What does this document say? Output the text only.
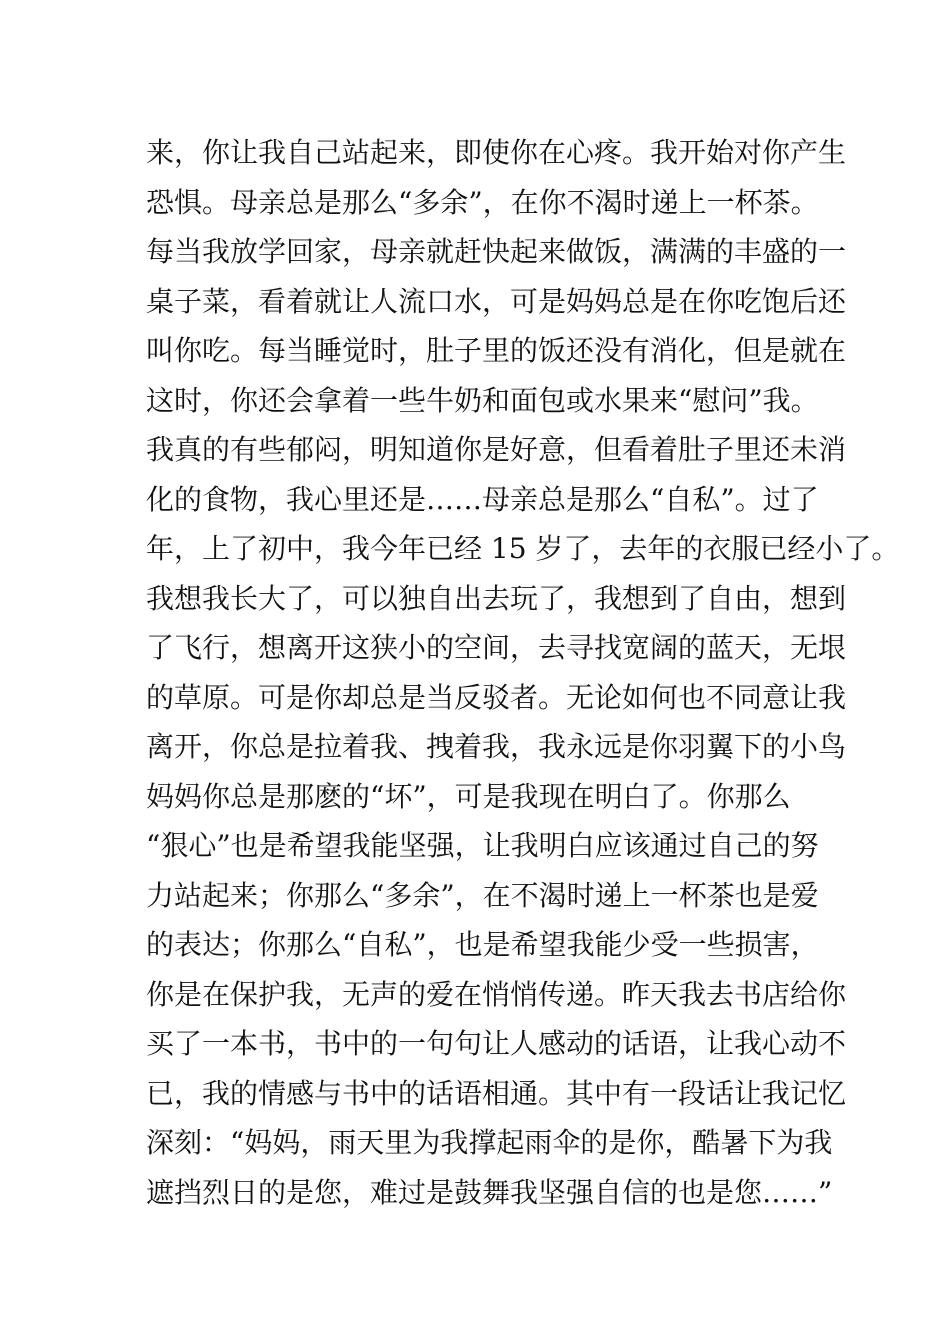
来，你让我自己站起来，即使你在心疼。我开始对你产生
恐惧。母亲总是那么“多余”，在你不渴时递上一杯茶。
每当我放学回家，母亲就赶快起来做饭，满满的丰盛的一
桌子菜，看着就让人流口水，可是妈妈总是在你吃饱后还
叫你吃。每当睡觉时，肚子里的饭还没有消化，但是就在
这时，你还会拿着一些牛奶和面包或水果来“慰问”我。
我真的有些郁闷，明知道你是好意，但看着肚子里还未消
化的食物，我心里还是……母亲总是那么“自私”。过了
年，上了初中，我今年已经 15 岁了，去年的衣服已经小了。
我想我长大了，可以独自出去玩了，我想到了自由，想到
了飞行，想离开这狭小的空间，去寻找宽阔的蓝天，无垠
的草原。可是你却总是当反驳者。无论如何也不同意让我
离开，你总是拉着我、拽着我，我永远是你羽翼下的小鸟
妈妈你总是那麽的“坏”，可是我现在明白了。你那么
“狠心”也是希望我能坚强，让我明白应该通过自己的努
力站起来；你那么“多余”，在不渴时递上一杯茶也是爱
的表达；你那么“自私”，也是希望我能少受一些损害，
你是在保护我，无声的爱在悄悄传递。昨天我去书店给你
买了一本书，书中的一句句让人感动的话语，让我心动不
已，我的情感与书中的话语相通。其中有一段话让我记忆
深刻：“妈妈，雨天里为我撑起雨伞的是你，酷暑下为我
遮挡烈日的是您，难过是鼓舞我坚强自信的也是您……”
